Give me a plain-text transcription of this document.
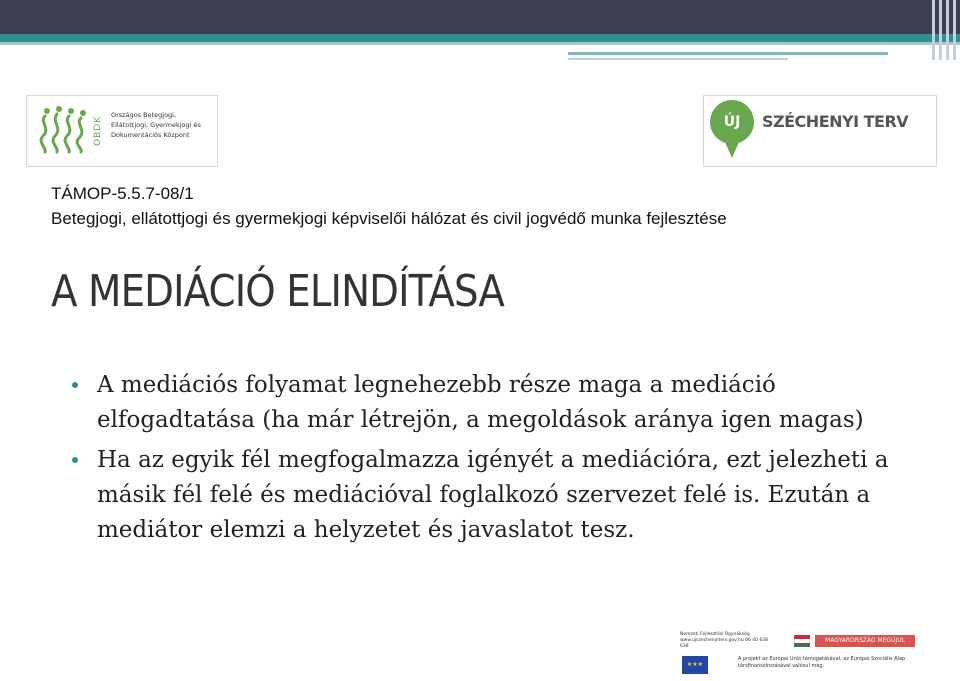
OBDK
Országos Betegjogi,
Ellátottjogi, Gyermekjogi és
Dokumentációs Központ
ÚJ	SZÉCHENYI TERV
TÁMOP-5.5.7-08/1
Betegjogi, ellátottjogi és gyermekjogi képviselői hálózat és civil jogvédő munka fejlesztése
A MEDIÁCIÓ ELINDÍTÁSA
A mediációs folyamat legnehezebb része maga a mediáció elfogadtatása (ha már létrejön, a megoldások aránya igen magas)
Ha az egyik fél megfogalmazza igényét a mediációra, ezt jelezheti a másik fél felé és mediációval foglalkozó szervezet felé is. Ezután a mediátor elemzi a helyzetet és javaslatot tesz.
Nemzeti Fejlesztési Ügynökség www.ujszechenyiterv.gov.hu 06 40 638 638
MAGYARORSZÁG MEGÚJUL
★★★
A projekt az Európai Unió támogatásával, az Európai Szociális Alap társfinanszírozásával valósul meg.
